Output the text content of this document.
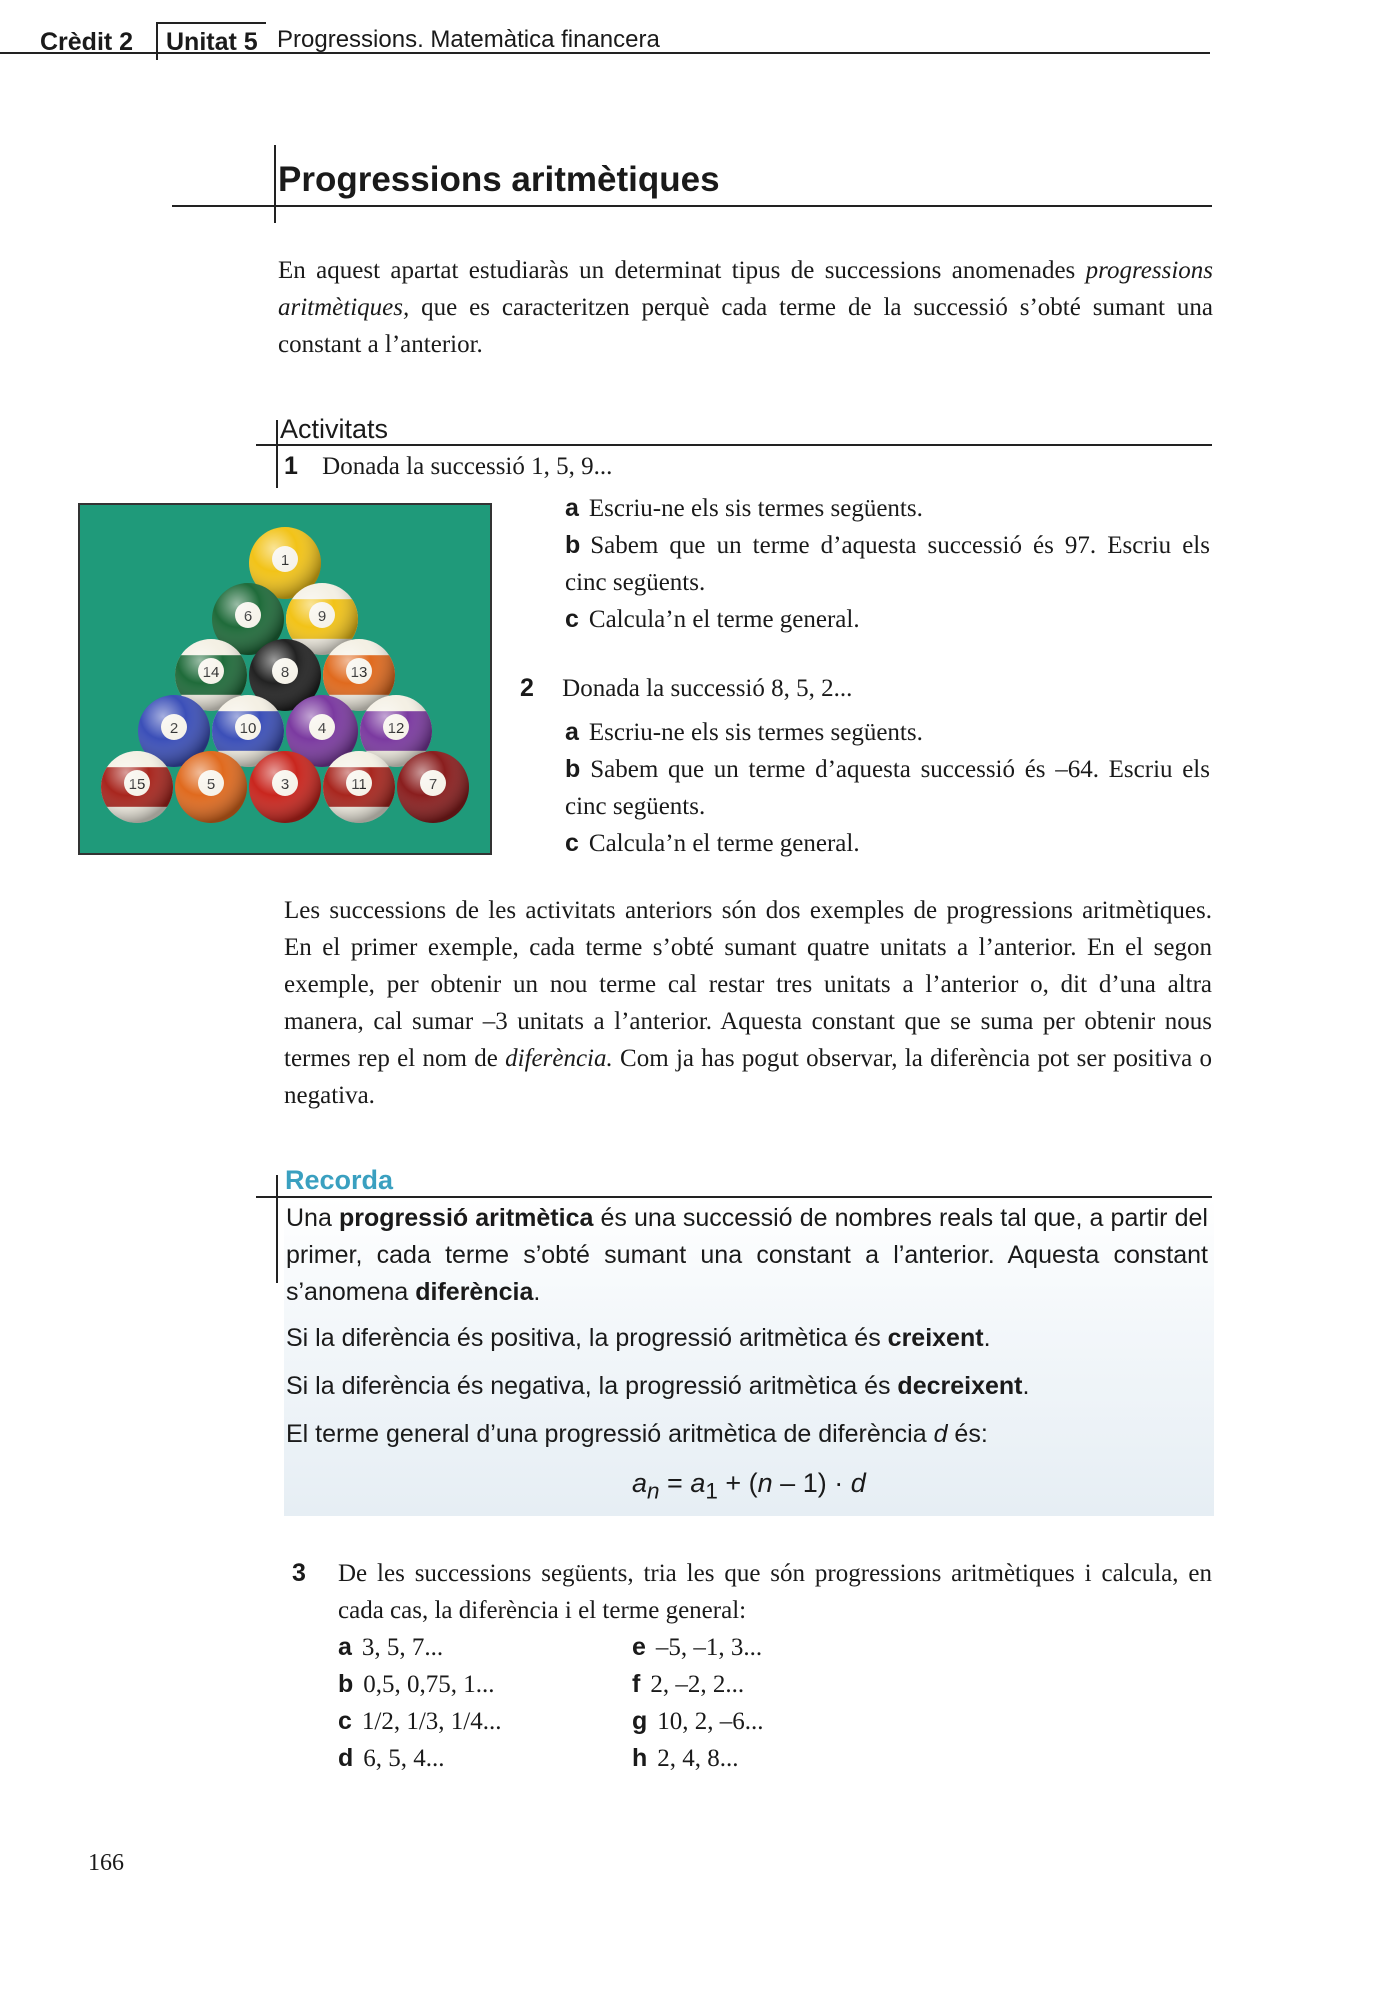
Crèdit 2	Unitat 5 Progressions. Matemàtica financera
Progressions aritmètiques
En aquest apartat estudiaràs un determinat tipus de successions anomenades progressions aritmètiques, que es caracteritzen perquè cada terme de la successió s’obté sumant una constant a l’anterior.
Activitats
1 Donada la successió 1, 5, 9...
a Escriu-ne els sis termes següents.
b Sabem que un terme d’aquesta successió és 97. Escriu els cinc següents.
c Calcula’n el terme general.
2 Donada la successió 8, 5, 2...
a Escriu-ne els sis termes següents.
b Sabem que un terme d’aquesta successió és –64. Escriu els cinc següents.
c Calcula’n el terme general.
Les successions de les activitats anteriors són dos exemples de progressions aritmètiques. En el primer exemple, cada terme s’obté sumant quatre unitats a l’anterior. En el segon exemple, per obtenir un nou terme cal restar tres unitats a l’anterior o, dit d’una altra manera, cal sumar –3 unitats a l’anterior. Aquesta constant que se suma per obtenir nous termes rep el nom de diferència. Com ja has pogut observar, la diferència pot ser positiva o negativa.
Recorda
Una progressió aritmètica és una successió de nombres reals tal que, a partir del primer, cada terme s’obté sumant una constant a l’anterior. Aquesta constant s’anomena diferència.
Si la diferència és positiva, la progressió aritmètica és creixent.
Si la diferència és negativa, la progressió aritmètica és decreixent.
El terme general d’una progressió aritmètica de diferència d és:
$a_n = a_1 + (n - 1) \cdot d$
3 De les successions següents, tria les que són progressions aritmètiques i calcula, en cada cas, la diferència i el terme general:
a 3, 5, 7...
b 0,5, 0,75, 1...
c 1/2, 1/3, 1/4...
d 6, 5, 4...
e –5, –1, 3...
f 2, –2, 2...
g 10, 2, –6...
h 2, 4, 8...
166
